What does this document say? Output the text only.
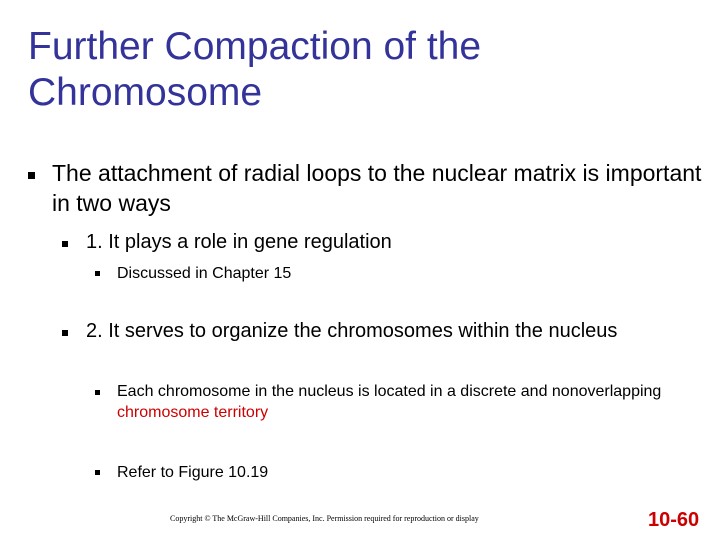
Further Compaction of the Chromosome
The attachment of radial loops to the nuclear matrix is important in two ways
1. It plays a role in gene regulation
Discussed in Chapter 15
2. It serves to organize the chromosomes within the nucleus
Each chromosome in the nucleus is located in a discrete and nonoverlapping chromosome territory
Refer to Figure 10.19
Copyright © The McGraw-Hill Companies, Inc. Permission required for reproduction or display	10-60
